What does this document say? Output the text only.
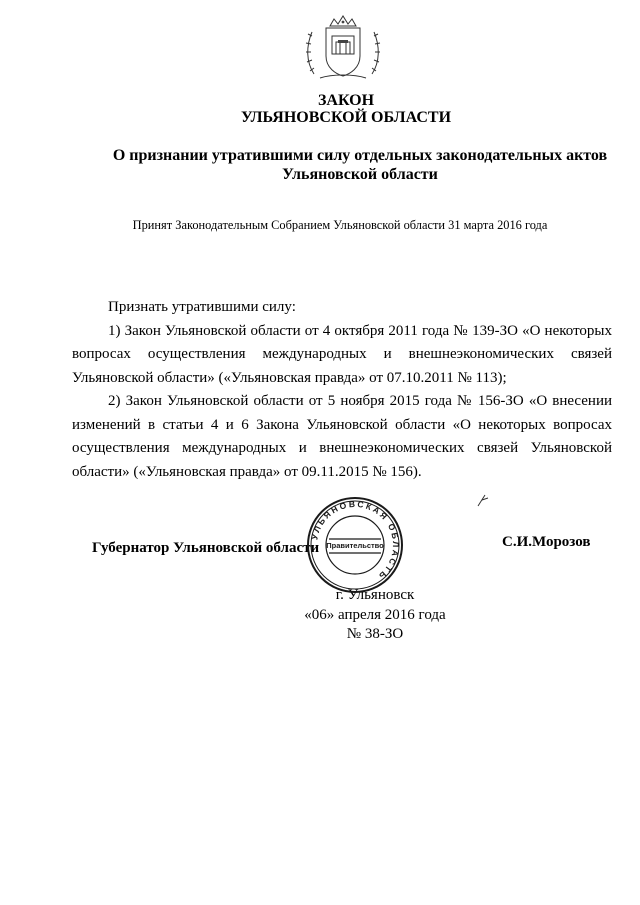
ЗАКОН
УЛЬЯНОВСКОЙ ОБЛАСТИ
О признании утратившими силу отдельных законодательных актов
Ульяновской области
Принят Законодательным Собранием Ульяновской области 31 марта 2016 года

Признать утратившими силу:

1) Закон Ульяновской области от 4 октября 2011 года № 139-ЗО «О некоторых вопросах осуществления международных и внешнеэкономических связей Ульяновской области» («Ульяновская правда» от 07.10.2011 № 113);

2) Закон Ульяновской области от 5 ноября 2015 года № 156-ЗО «О внесении изменений в статьи 4 и 6 Закона Ульяновской области «О некоторых вопросах осуществления международных и внешнеэкономических связей Ульяновской области» («Ульяновская правда» от 09.11.2015 № 156).

Губернатор Ульяновской области	С.И.Морозов
г. Ульяновск
«06» апреля 2016 года
№ 38-ЗО
УЛЬЯНОВСКАЯ ОБЛАСТЬ
Правительство
